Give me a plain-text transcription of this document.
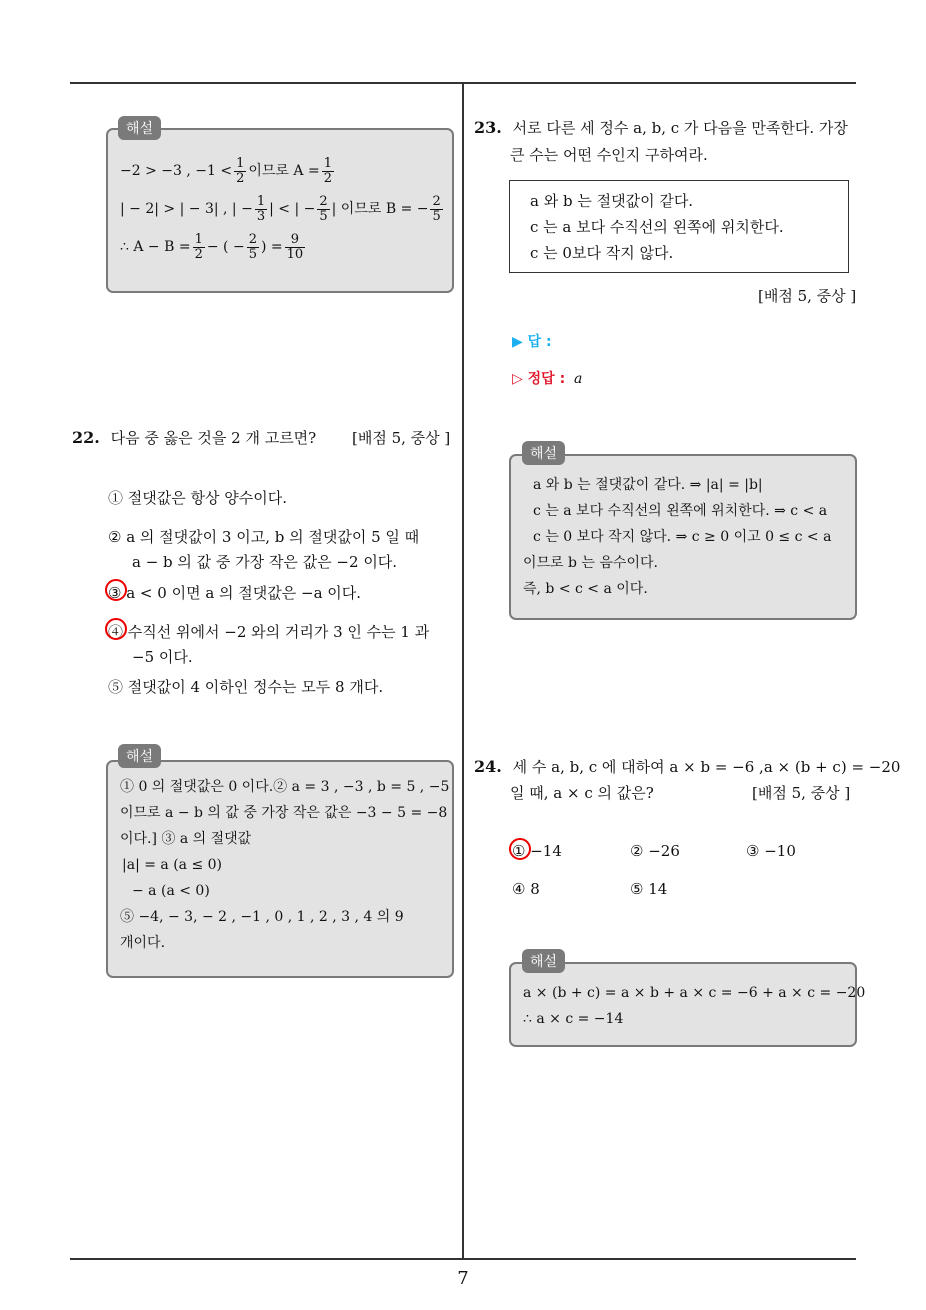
−2 > −3 , $-1 < \frac{1}{2}$ 이므로 $A = \frac{1}{2}$
| − 2| > | − 3| , | − $\frac{1}{3}$ | < | − $\frac{2}{5}$ | 이므로 B = − $\frac{2}{5}$
∴ $A - B = \frac{1}{2}$ − ( − $\frac{2}{5}$ ) = $\frac{9}{10}$
해설
22. 다음 중 옳은 것을 2 개 고르면? [배점 5, 중상 ]
① 절댓값은 항상 양수이다.
② a 의 절댓값이 3 이고, b 의 절댓값이 5 일 때
a − b 의 값 중 가장 작은 값은 −2 이다.
③ a < 0 이면 a 의 절댓값은 −a 이다.
④ 수직선 위에서 −2 와의 거리가 3 인 수는 1 과
−5 이다.
⑤ 절댓값이 4 이하인 정수는 모두 8 개다.
① 0 의 절댓값은 0 이다.② a = 3 , −3 , b = 5 , −5
이므로 a − b 의 값 중 가장 작은 값은 −3 − 5 = −8
이다.] ③ a 의 절댓값
|a| = a (a ≤ 0)
− a (a < 0)
⑤ −4, − 3, − 2 , −1 , 0 , 1 , 2 , 3 , 4 의 9
개이다.
해설
23. 서로 다른 세 정수 a, b, c 가 다음을 만족한다. 가장
큰 수는 어떤 수인지 구하여라.
a 와 b 는 절댓값이 같다.
c 는 a 보다 수직선의 왼쪽에 위치한다.
c 는 0보다 작지 않다.
[배점 5, 중상 ]
▶ 답 :
▷ 정답 : a
a 와 b 는 절댓값이 같다. ⇒ |a| = |b|
c 는 a 보다 수직선의 왼쪽에 위치한다. ⇒ c < a
c 는 0 보다 작지 않다. ⇒ c ≥ 0 이고 0 ≤ c < a
이므로 b 는 음수이다.
즉, b < c < a 이다.
해설
24. 세 수 a, b, c 에 대하여 a × b = −6 ,a × (b + c) = −20
일 때, a × c 의 값은?	[배점 5, 중상 ]
① −14	② −26	③ −10
④ 8	⑤ 14
a × (b + c) = a × b + a × c = −6 + a × c = −20
∴ a × c = −14
해설
7
